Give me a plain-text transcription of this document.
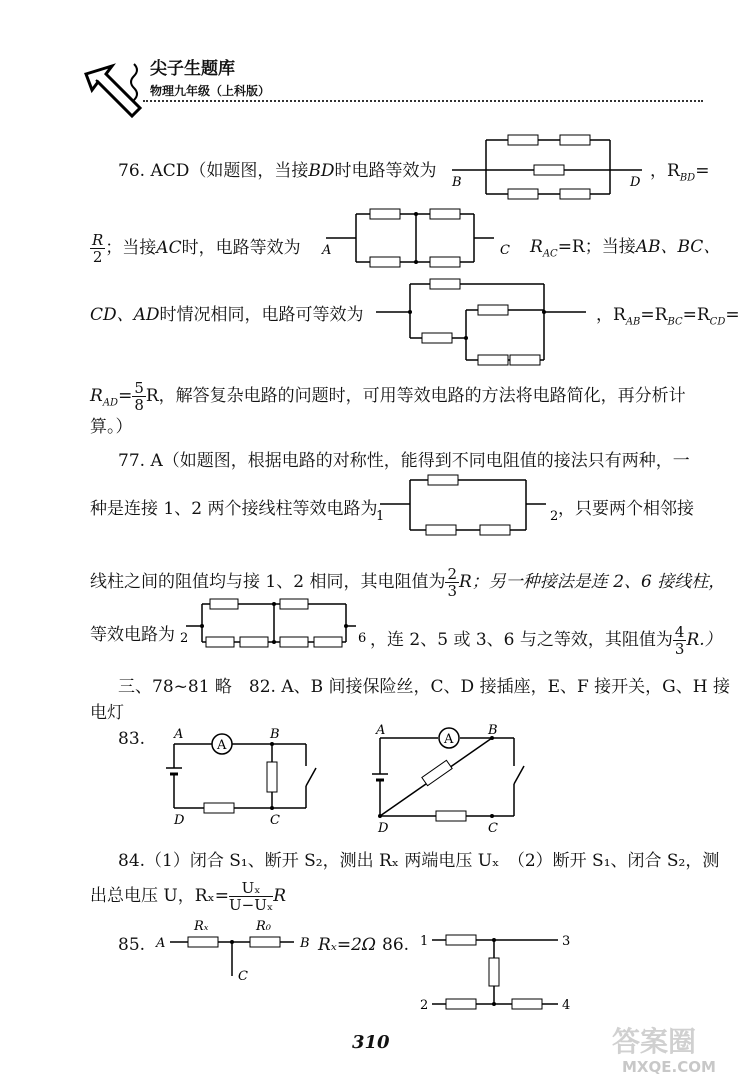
尖子生题库
物理九年级（上科版）
76. ACD（如题图，当接BD时电路等效为
B	D
，$R_{BD}=$
$\frac{R}{2}$ ；当接AC时，电路等效为 A	C $R_{AC}=R$；当接AB、BC、
CD、AD时情况相同，电路可等效为	，$R_{AB}=R_{BC}=R_{CD}=$
$R_{AD}= \frac{5}{8}$ R，解答复杂电路的问题时，可用等效电路的方法将电路简化，再分析计
算。）
77. A（如题图，根据电路的对称性，能得到不同电阻值的接法只有两种，一
种是连接 1、2 两个接线柱等效电路为
1	2 ，只要两个相邻接
线柱之间的阻值均与接 1、2 相同，其电阻值为 $\frac{2}{3}$ R；另一种接法是连 2、6 接线柱，
等效电路为 2	6 ，连 2、5 或 3、6 与之等效，其阻值为 $\frac{4}{3} R$.）
三、78~81 略　82. A、B 间接保险丝，C、D 接插座，E、F 接开关，G、H 接
电灯
83.	A
A	B
D	C
A
A	B
D	C
84.（1）闭合 S₁、断开 S₂，测出 Rₓ 两端电压 Uₓ　（2）断开 S₁、闭合 S₂，测
出总电压 U，$R_x= \frac{\text{Uₓ}}{\text{U−Uₓ}}$ R
85. A	B
Rₓ	R₀
C
Rₓ=2Ω 86. 1	3
2	4
310	答案圈
MXQE.COM
